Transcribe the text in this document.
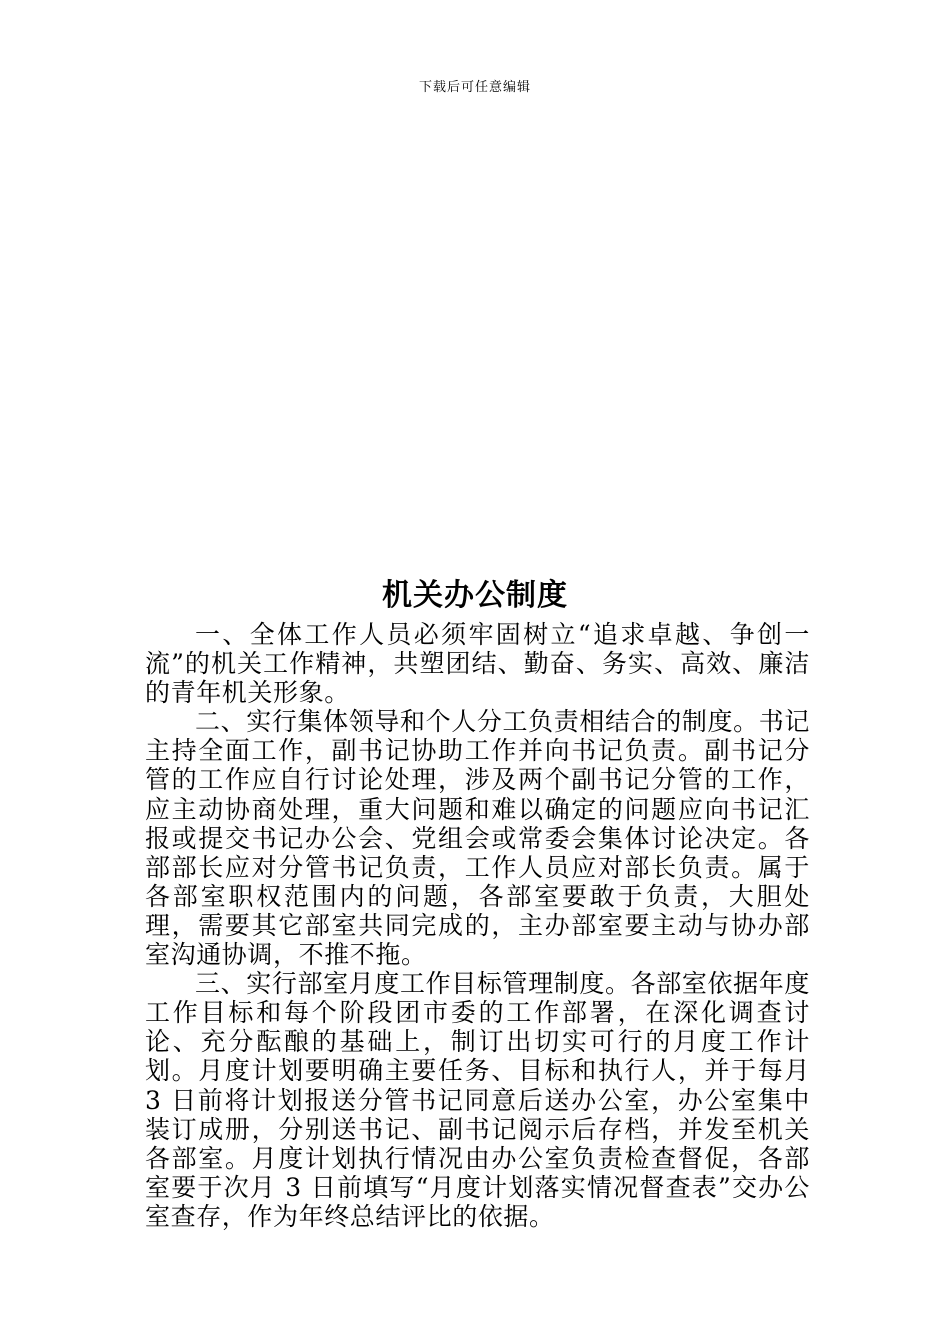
下载后可任意编辑
机关办公制度

一、全体工作人员必须牢固树立“追求卓越、争创一流”的机关工作精神，共塑团结、勤奋、务实、高效、廉洁的青年机关形象。

二、实行集体领导和个人分工负责相结合的制度。书记主持全面工作，副书记协助工作并向书记负责。副书记分管的工作应自行讨论处理，涉及两个副书记分管的工作，应主动协商处理，重大问题和难以确定的问题应向书记汇报或提交书记办公会、党组会或常委会集体讨论决定。各部部长应对分管书记负责，工作人员应对部长负责。属于各部室职权范围内的问题，各部室要敢于负责，大胆处理，需要其它部室共同完成的，主办部室要主动与协办部室沟通协调，不推不拖。

三、实行部室月度工作目标管理制度。各部室依据年度工作目标和每个阶段团市委的工作部署，在深化调查讨论、充分酝酿的基础上，制订出切实可行的月度工作计划。月度计划要明确主要任务、目标和执行人，并于每月 3 日前将计划报送分管书记同意后送办公室，办公室集中装订成册，分别送书记、副书记阅示后存档，并发至机关各部室。月度计划执行情况由办公室负责检查督促，各部室要于次月 3 日前填写“月度计划落实情况督查表”交办公室查存，作为年终总结评比的依据。
